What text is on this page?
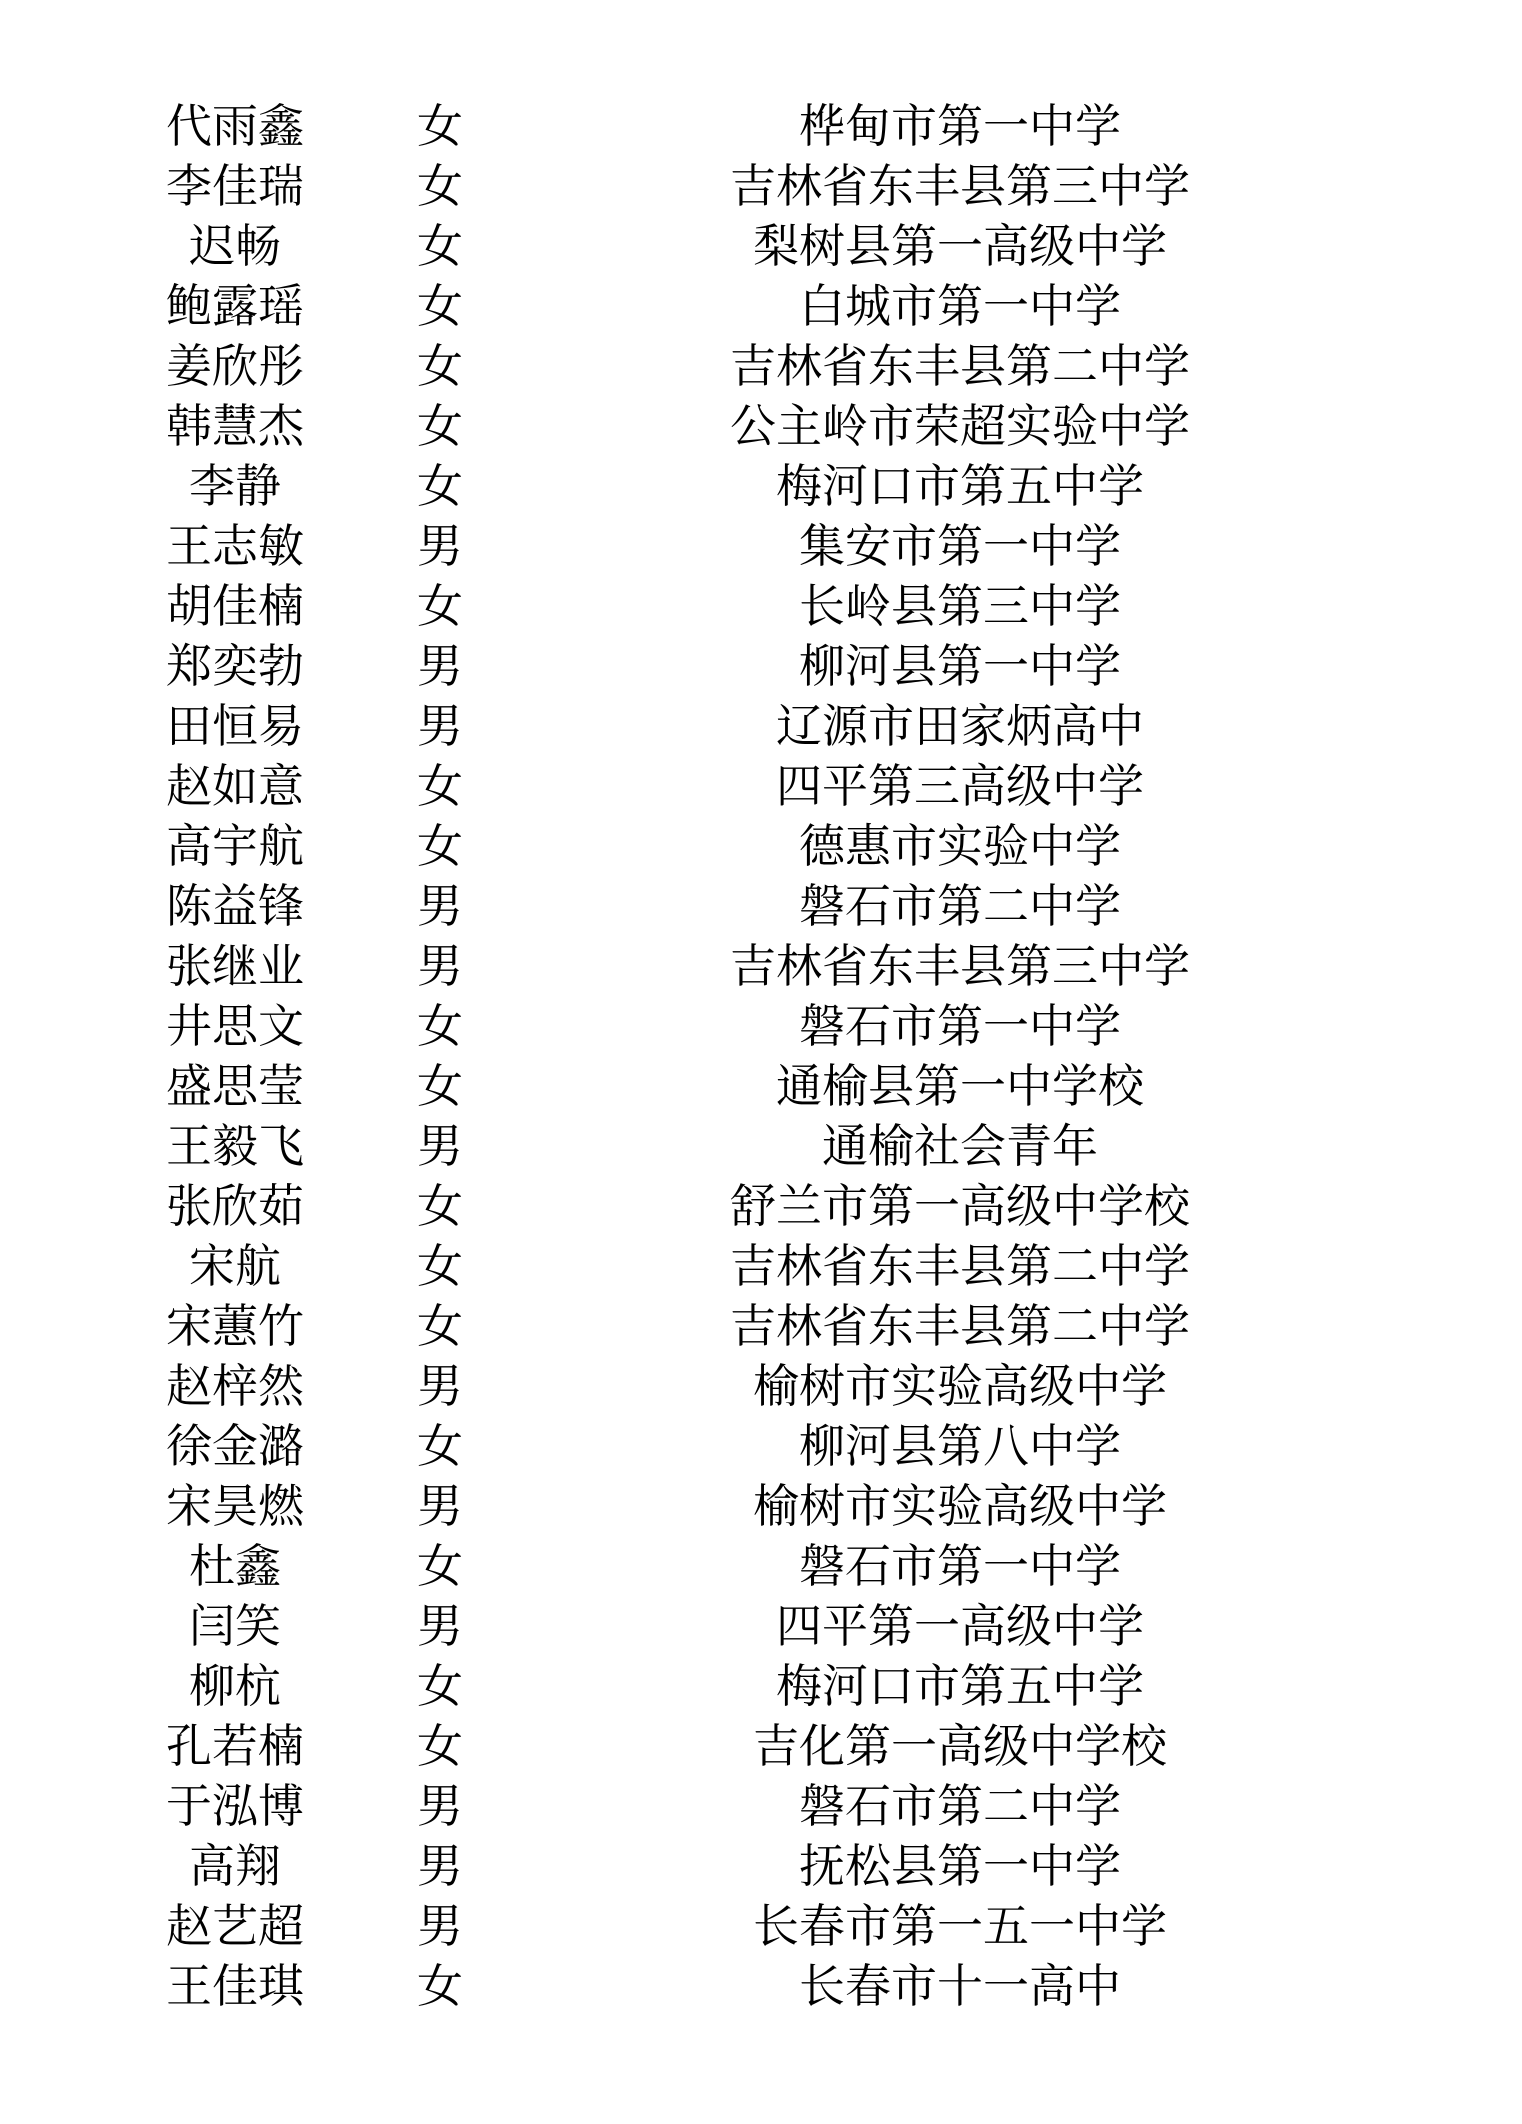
代雨鑫	女	桦甸市第一中学
李佳瑞	女	吉林省东丰县第三中学
迟畅	女	梨树县第一高级中学
鲍露瑶	女	白城市第一中学
姜欣彤	女	吉林省东丰县第二中学
韩慧杰	女	公主岭市荣超实验中学
李静	女	梅河口市第五中学
王志敏	男	集安市第一中学
胡佳楠	女	长岭县第三中学
郑奕勃	男	柳河县第一中学
田恒易	男	辽源市田家炳高中
赵如意	女	四平第三高级中学
高宇航	女	德惠市实验中学
陈益锋	男	磐石市第二中学
张继业	男	吉林省东丰县第三中学
井思文	女	磐石市第一中学
盛思莹	女	通榆县第一中学校
王毅飞	男	通榆社会青年
张欣茹	女	舒兰市第一高级中学校
宋航	女	吉林省东丰县第二中学
宋蕙竹	女	吉林省东丰县第二中学
赵梓然	男	榆树市实验高级中学
徐金潞	女	柳河县第八中学
宋昊燃	男	榆树市实验高级中学
杜鑫	女	磐石市第一中学
闫笑	男	四平第一高级中学
柳杭	女	梅河口市第五中学
孔若楠	女	吉化第一高级中学校
于泓博	男	磐石市第二中学
高翔	男	抚松县第一中学
赵艺超	男	长春市第一五一中学
王佳琪	女	长春市十一高中
